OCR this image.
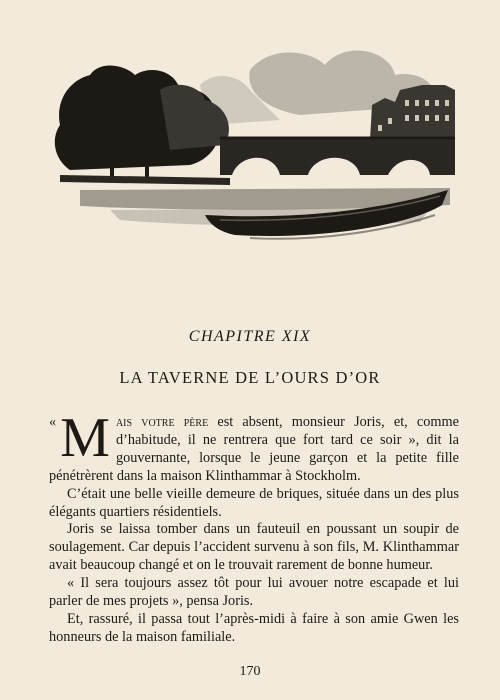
CHAPITRE XIX
LA TAVERNE DE L’OURS D’OR

« M ais votre père est absent, monsieur Joris, et, comme d’habitude, il ne rentrera que fort tard ce soir », dit la gouvernante, lorsque le jeune garçon et la petite fille pénétrèrent dans la maison Klinthammar à Stockholm.

C’était une belle vieille demeure de briques, située dans un des plus élégants quartiers résidentiels.

Joris se laissa tomber dans un fauteuil en poussant un soupir de soulagement. Car depuis l’accident survenu à son fils, M. Klinthammar avait beaucoup changé et on le trouvait rarement de bonne humeur.

« Il sera toujours assez tôt pour lui avouer notre escapade et lui parler de mes projets », pensa Joris.

Et, rassuré, il passa tout l’après-midi à faire à son amie Gwen les honneurs de la maison familiale.

170
